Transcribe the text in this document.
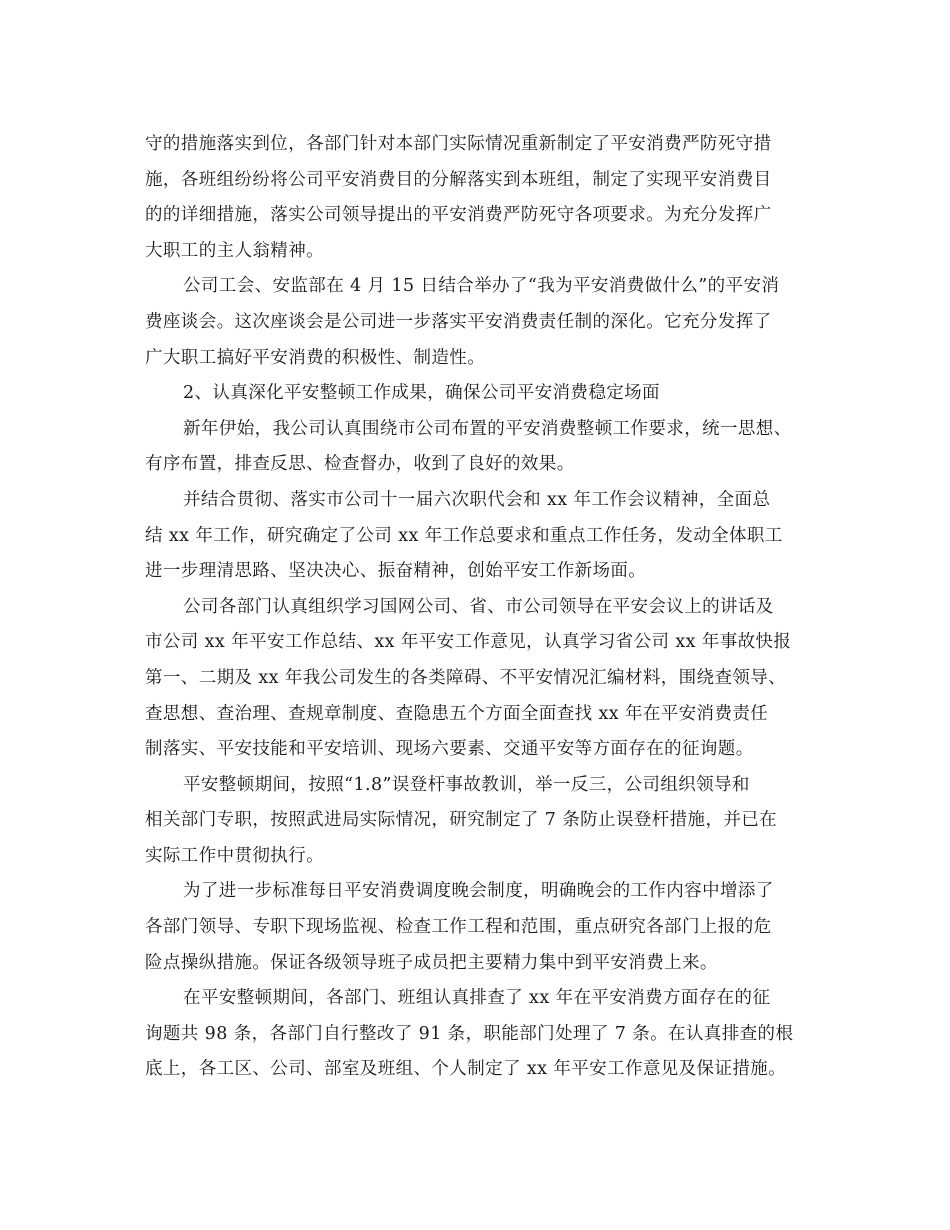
守的措施落实到位，各部门针对本部门实际情况重新制定了平安消费严防死守措
施，各班组纷纷将公司平安消费目的分解落实到本班组，制定了实现平安消费目
的的详细措施，落实公司领导提出的平安消费严防死守各项要求。为充分发挥广
大职工的主人翁精神。
公司工会、安监部在 4 月 15 日结合举办了“我为平安消费做什么”的平安消
费座谈会。这次座谈会是公司进一步落实平安消费责任制的深化。它充分发挥了
广大职工搞好平安消费的积极性、制造性。
2、认真深化平安整顿工作成果，确保公司平安消费稳定场面
新年伊始，我公司认真围绕市公司布置的平安消费整顿工作要求，统一思想、
有序布置，排查反思、检查督办，收到了良好的效果。
并结合贯彻、落实市公司十一届六次职代会和 xx 年工作会议精神，全面总
结 xx 年工作，研究确定了公司 xx 年工作总要求和重点工作任务，发动全体职工
进一步理清思路、坚决决心、振奋精神，创始平安工作新场面。
公司各部门认真组织学习国网公司、省、市公司领导在平安会议上的讲话及
市公司 xx 年平安工作总结、xx 年平安工作意见，认真学习省公司 xx 年事故快报
第一、二期及 xx 年我公司发生的各类障碍、不平安情况汇编材料，围绕查领导、
查思想、查治理、查规章制度、查隐患五个方面全面查找 xx 年在平安消费责任
制落实、平安技能和平安培训、现场六要素、交通平安等方面存在的征询题。
平安整顿期间，按照“1.8”误登杆事故教训，举一反三，公司组织领导和
相关部门专职，按照武进局实际情况，研究制定了 7 条防止误登杆措施，并已在
实际工作中贯彻执行。
为了进一步标准每日平安消费调度晚会制度，明确晚会的工作内容中增添了
各部门领导、专职下现场监视、检查工作工程和范围，重点研究各部门上报的危
险点操纵措施。保证各级领导班子成员把主要精力集中到平安消费上来。
在平安整顿期间，各部门、班组认真排查了 xx 年在平安消费方面存在的征
询题共 98 条，各部门自行整改了 91 条，职能部门处理了 7 条。在认真排查的根
底上，各工区、公司、部室及班组、个人制定了 xx 年平安工作意见及保证措施。
